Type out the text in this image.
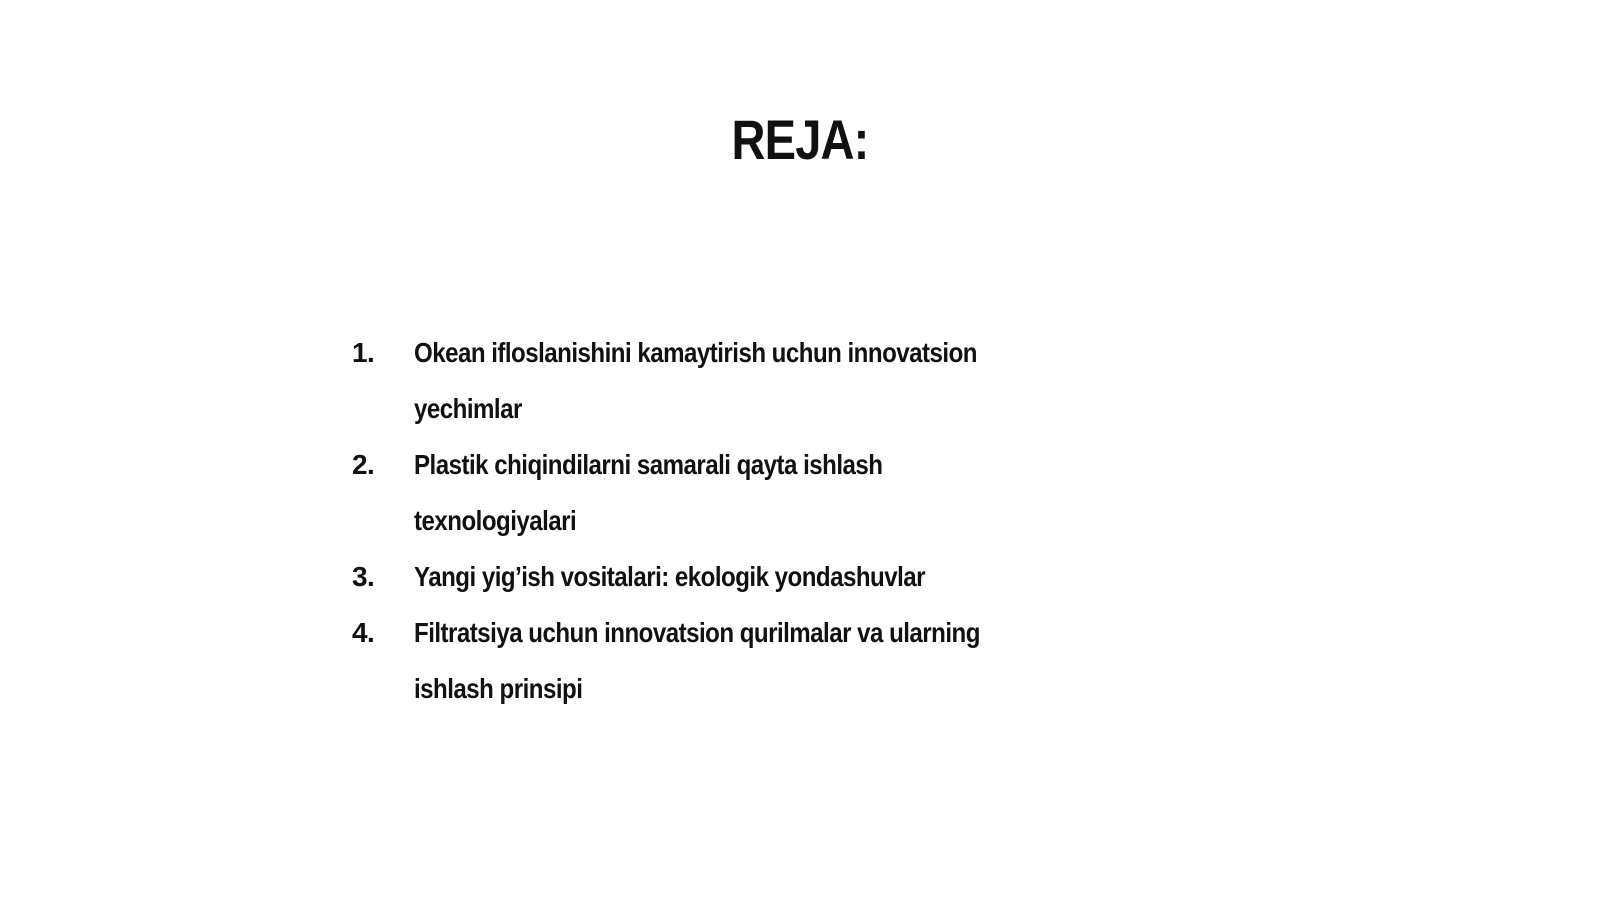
REJA:
1.	Okean ifloslanishini kamaytirish uchun innovatsion yechimlar
2.	Plastik chiqindilarni samarali qayta ishlash texnologiyalari
3.	Yangi yig’ish vositalari: ekologik yondashuvlar
4.	Filtratsiya uchun innovatsion qurilmalar va ularning ishlash prinsipi
